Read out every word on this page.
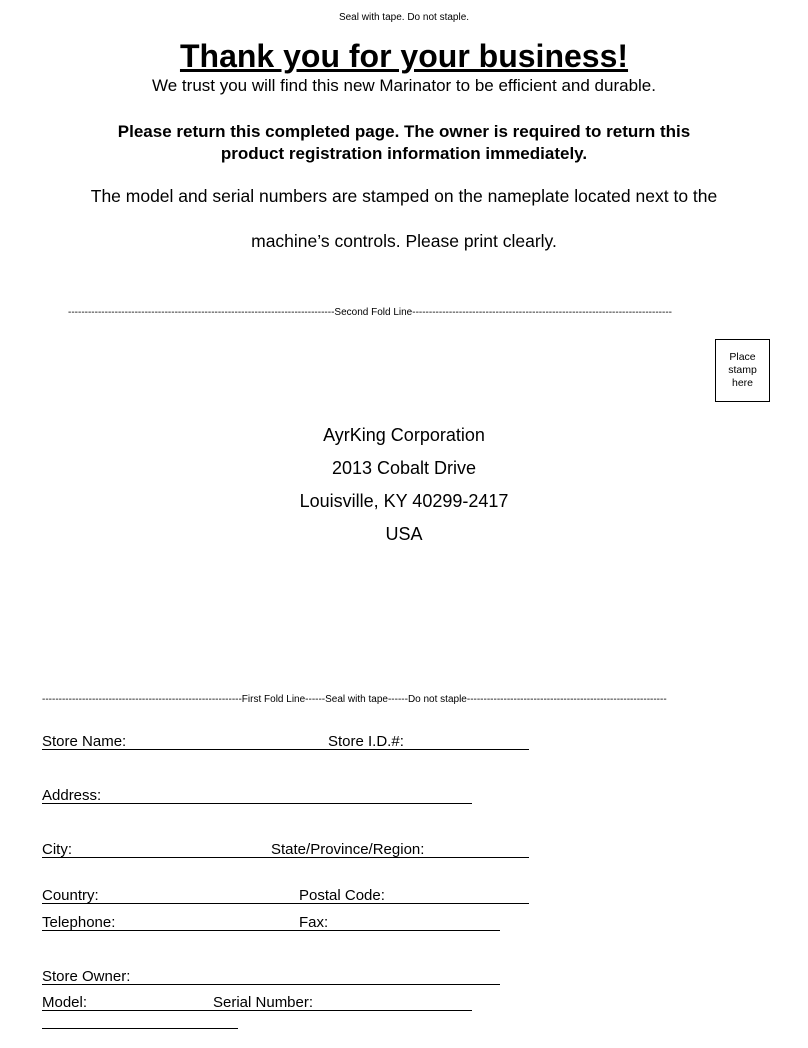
Seal with tape. Do not staple.
Thank you for your business!
We trust you will find this new Marinator to be efficient and durable.
Please return this completed page. The owner is required to return this
product registration information immediately.
The model and serial numbers are stamped on the nameplate located next to the
machine’s controls. Please print clearly.
--------------------------------------------------------------------------------Second Fold Line------------------------------------------------------------------------------
Place
stamp
here
AyrKing Corporation
2013 Cobalt Drive
Louisville, KY 40299-2417
USA
------------------------------------------------------------First Fold Line------Seal with tape------Do not staple------------------------------------------------------------
Store Name:	Store I.D.#:
Address:
City:	State/Province/Region:
Country:	Postal Code:
Telephone:	Fax:
Store Owner:
Model:	Serial Number:
